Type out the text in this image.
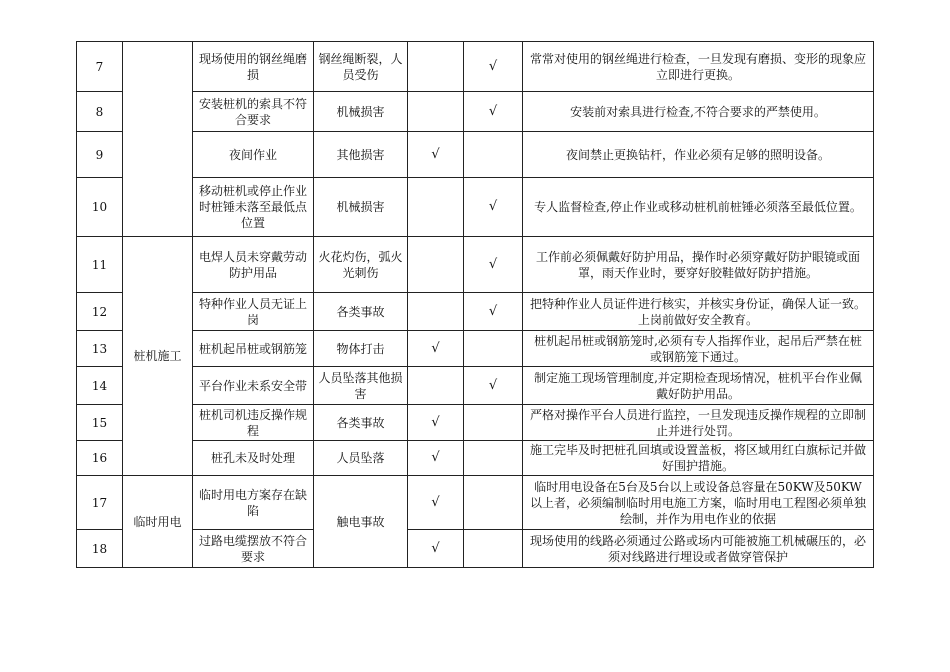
7		现场使用的钢丝绳磨损	钢丝绳断裂，人员受伤		√	常常对使用的钢丝绳进行检查，一旦发现有磨损、变形的现象应立即进行更换。
8		安装桩机的索具不符合要求	机械损害		√	安装前对索具进行检查,不符合要求的严禁使用。
9		夜间作业	其他损害	√		夜间禁止更换钻杆，作业必须有足够的照明设备。
10		移动桩机或停止作业时桩锤未落至最低点位置	机械损害		√	专人监督检查,停止作业或移动桩机前桩锤必须落至最低位置。
11	桩机施工	电焊人员未穿戴劳动防护用品	火花灼伤，弧火光刺伤		√	工作前必须佩戴好防护用品，操作时必须穿戴好防护眼镜或面罩，雨天作业时，要穿好胶鞋做好防护措施。
12		特种作业人员无证上岗	各类事故		√	把特种作业人员证件进行核实，并核实身份证，确保人证一致。上岗前做好安全教育。
13		桩机起吊桩或钢筋笼	物体打击	√		桩机起吊桩或钢筋笼时,必须有专人指挥作业，起吊后严禁在桩或钢筋笼下通过。
14		平台作业未系安全带	人员坠落其他损害		√	制定施工现场管理制度,并定期检查现场情况，桩机平台作业佩戴好防护用品。
15		桩机司机违反操作规程	各类事故	√		严格对操作平台人员进行监控，一旦发现违反操作规程的立即制止并进行处罚。
16		桩孔未及时处理	人员坠落	√		施工完毕及时把桩孔回填或设置盖板，将区域用红白旗标记并做好围护措施。
17	临时用电	临时用电方案存在缺陷	触电事故	√		临时用电设备在5台及5台以上或设备总容量在50KW及50KW以上者，必须编制临时用电施工方案，临时用电工程图必须单独绘制，并作为用电作业的依据
18		过路电缆摆放不符合要求		√		现场使用的线路必须通过公路或场内可能被施工机械碾压的，必须对线路进行埋设或者做穿管保护
